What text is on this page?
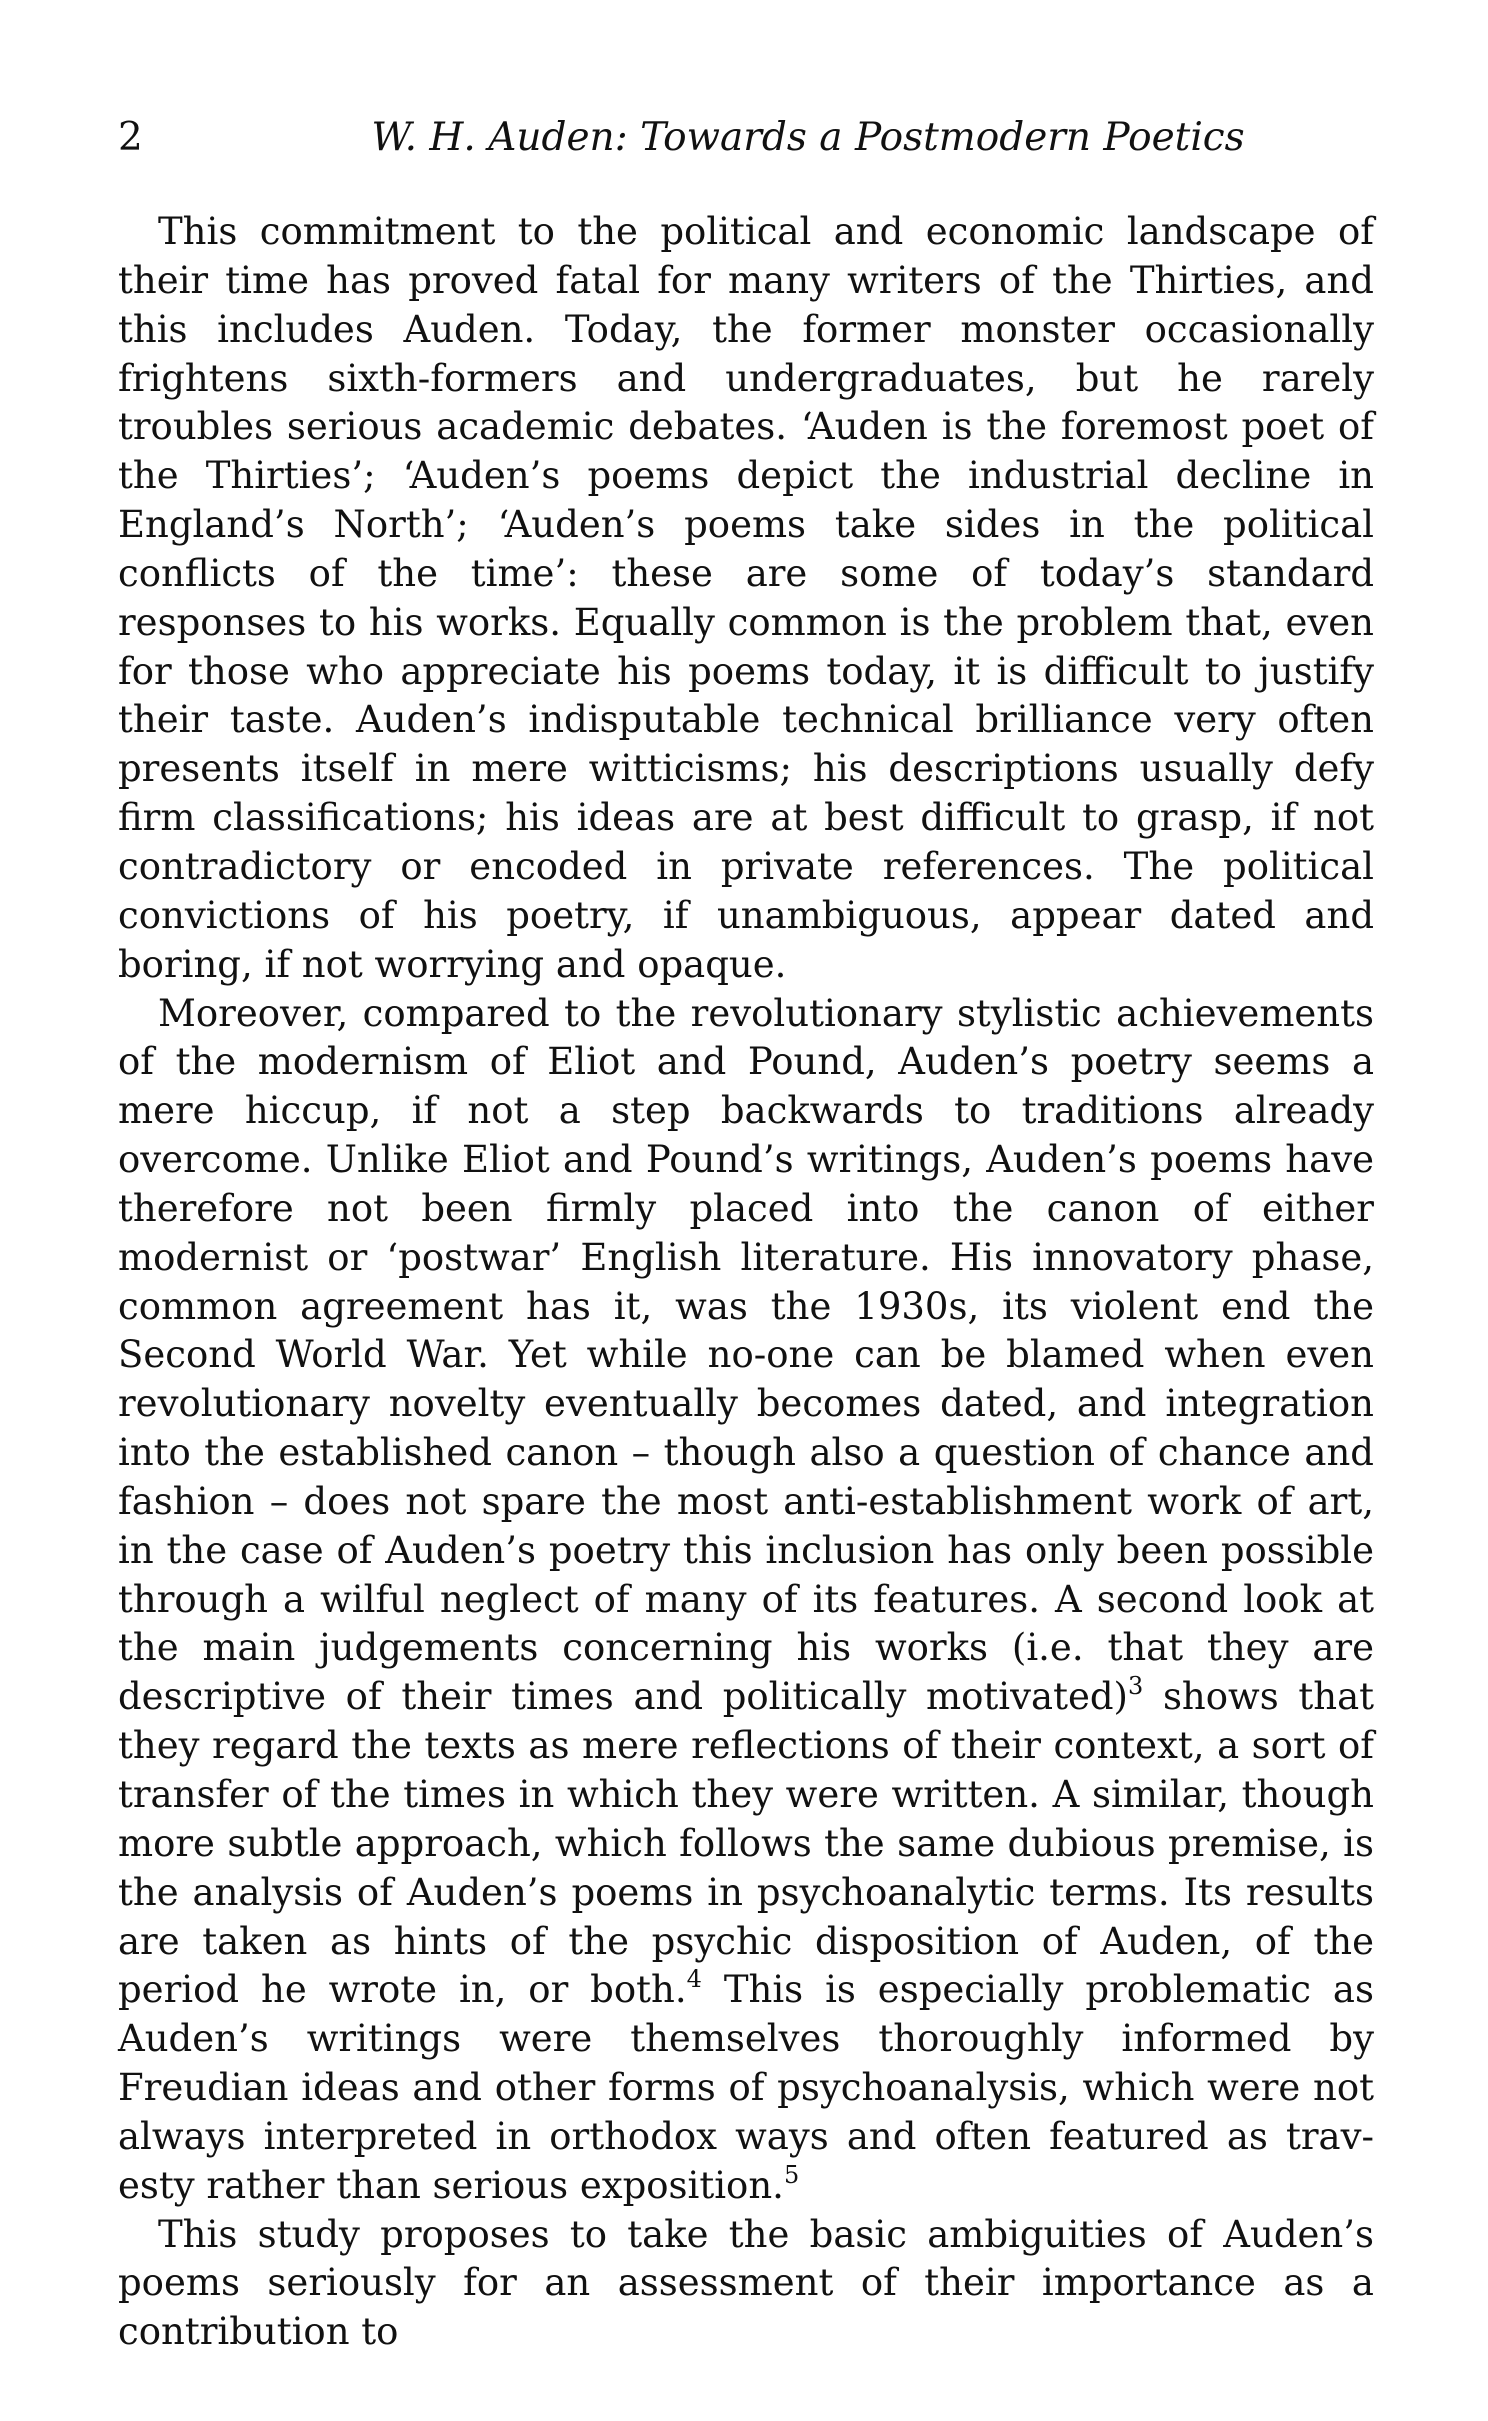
2	W. H. Auden: Towards a Postmodern Poetics

This commitment to the political and economic landscape of their time has proved fatal for many writers of the Thirties, and this includes Auden. Today, the former monster occasionally frightens sixth-formers and undergraduates, but he rarely troubles serious academic debates. ‘Auden is the foremost poet of the Thirties’; ‘Auden’s poems depict the industrial decline in England’s North’; ‘Auden’s poems take sides in the political conflicts of the time’: these are some of today’s standard responses to his works. Equally common is the problem that, even for those who appreciate his poems today, it is difficult to justify their taste. Auden’s indisputable technical brilliance very often presents itself in mere witticisms; his descriptions usually defy firm classifications; his ideas are at best difficult to grasp, if not contradictory or encoded in private references. The political convictions of his poetry, if unambiguous, appear dated and boring, if not worrying and opaque.

Moreover, compared to the revolutionary stylistic achievements of the modernism of Eliot and Pound, Auden’s poetry seems a mere hiccup, if not a step backwards to traditions already overcome. Unlike Eliot and Pound’s writings, Auden’s poems have therefore not been firmly placed into the canon of either modernist or ‘postwar’ English literature. His innovatory phase, common agreement has it, was the 1930s, its violent end the Second World War. Yet while no-one can be blamed when even revolutionary novelty eventually becomes dated, and integration into the established canon – though also a question of chance and fashion – does not spare the most anti-establishment work of art, in the case of Auden’s poetry this inclusion has only been possible through a wilful neglect of many of its features. A second look at the main judgements concerning his works (i.e. that they are descriptive of their times and politically motivated)$^3$ shows that they regard the texts as mere reflections of their context, a sort of transfer of the times in which they were written. A similar, though more subtle approach, which follows the same dubious premise, is the analysis of Auden’s poems in psychoanalytic terms. Its results are taken as hints of the psychic disposition of Auden, of the period he wrote in, or both.$^4$ This is especially problematic as Auden’s writings were themselves thoroughly informed by Freudian ideas and other forms of psychoanalysis, which were not always interpreted in orthodox ways and often featured as travesty rather than serious exposition.$^5$

This study proposes to take the basic ambiguities of Auden’s poems seriously for an assessment of their importance as a contribution to
